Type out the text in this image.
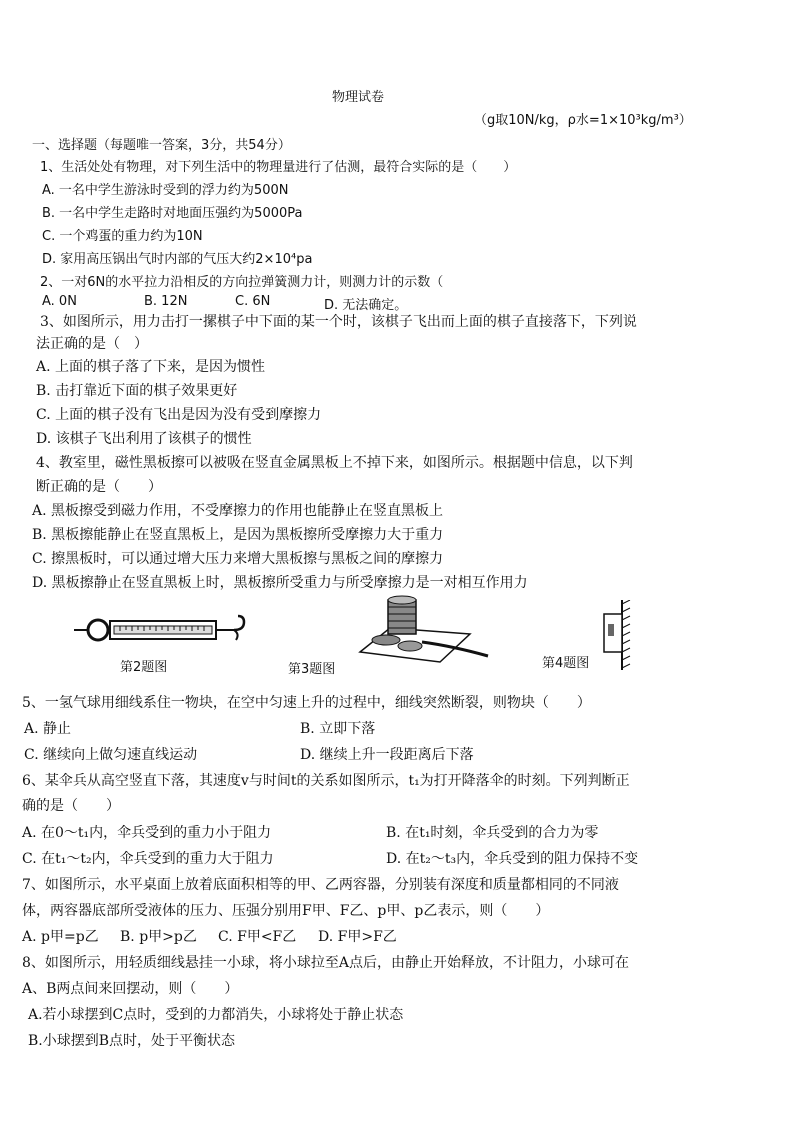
物理试卷
（g取10N/kg，ρ水=1×10³kg/m³）
一、选择题（每题唯一答案，3分，共54分）
1、生活处处有物理，对下列生活中的物理量进行了估测，最符合实际的是（　　）
A. 一名中学生游泳时受到的浮力约为500N
B. 一名中学生走路时对地面压强约为5000Pa
C. 一个鸡蛋的重力约为10N
D. 家用高压锅出气时内部的气压大约2×10⁴pa
2、一对6N的水平拉力沿相反的方向拉弹簧测力计，则测力计的示数（
A. 0N	B. 12N	C. 6N	D. 无法确定。
3、如图所示，用力击打一摞棋子中下面的某一个时，该棋子飞出而上面的棋子直接落下，下列说
法正确的是（　）
A. 上面的棋子落了下来，是因为惯性
B. 击打靠近下面的棋子效果更好
C. 上面的棋子没有飞出是因为没有受到摩擦力
D. 该棋子飞出利用了该棋子的惯性
4、教室里，磁性黑板擦可以被吸在竖直金属黑板上不掉下来，如图所示。根据题中信息，以下判
断正确的是（　　）
A. 黑板擦受到磁力作用，不受摩擦力的作用也能静止在竖直黑板上
B. 黑板擦能静止在竖直黑板上，是因为黑板擦所受摩擦力大于重力
C. 擦黑板时，可以通过增大压力来增大黑板擦与黑板之间的摩擦力
D. 黑板擦静止在竖直黑板上时，黑板擦所受重力与所受摩擦力是一对相互作用力
第2题图	第3题图	第4题图
5、一氢气球用细线系住一物块，在空中匀速上升的过程中，细线突然断裂，则物块（　　）
A. 静止	B. 立即下落
C. 继续向上做匀速直线运动	D. 继续上升一段距离后下落
6、某伞兵从高空竖直下落，其速度v与时间t的关系如图所示，t₁为打开降落伞的时刻。下列判断正
确的是（　　）
A. 在0～t₁内，伞兵受到的重力小于阻力	B. 在t₁时刻，伞兵受到的合力为零
C. 在t₁～t₂内，伞兵受到的重力大于阻力	D. 在t₂～t₃内，伞兵受到的阻力保持不变
7、如图所示，水平桌面上放着底面积相等的甲、乙两容器，分别装有深度和质量都相同的不同液
体，两容器底部所受液体的压力、压强分别用F甲、F乙、p甲、p乙表示，则（　　）
A. p甲=p乙 B. p甲>p乙 C. F甲<F乙 D. F甲>F乙
8、如图所示，用轻质细线悬挂一小球，将小球拉至A点后，由静止开始释放，不计阻力，小球可在
A、B两点间来回摆动，则（　　）
A.若小球摆到C点时，受到的力都消失，小球将处于静止状态
B.小球摆到B点时，处于平衡状态
